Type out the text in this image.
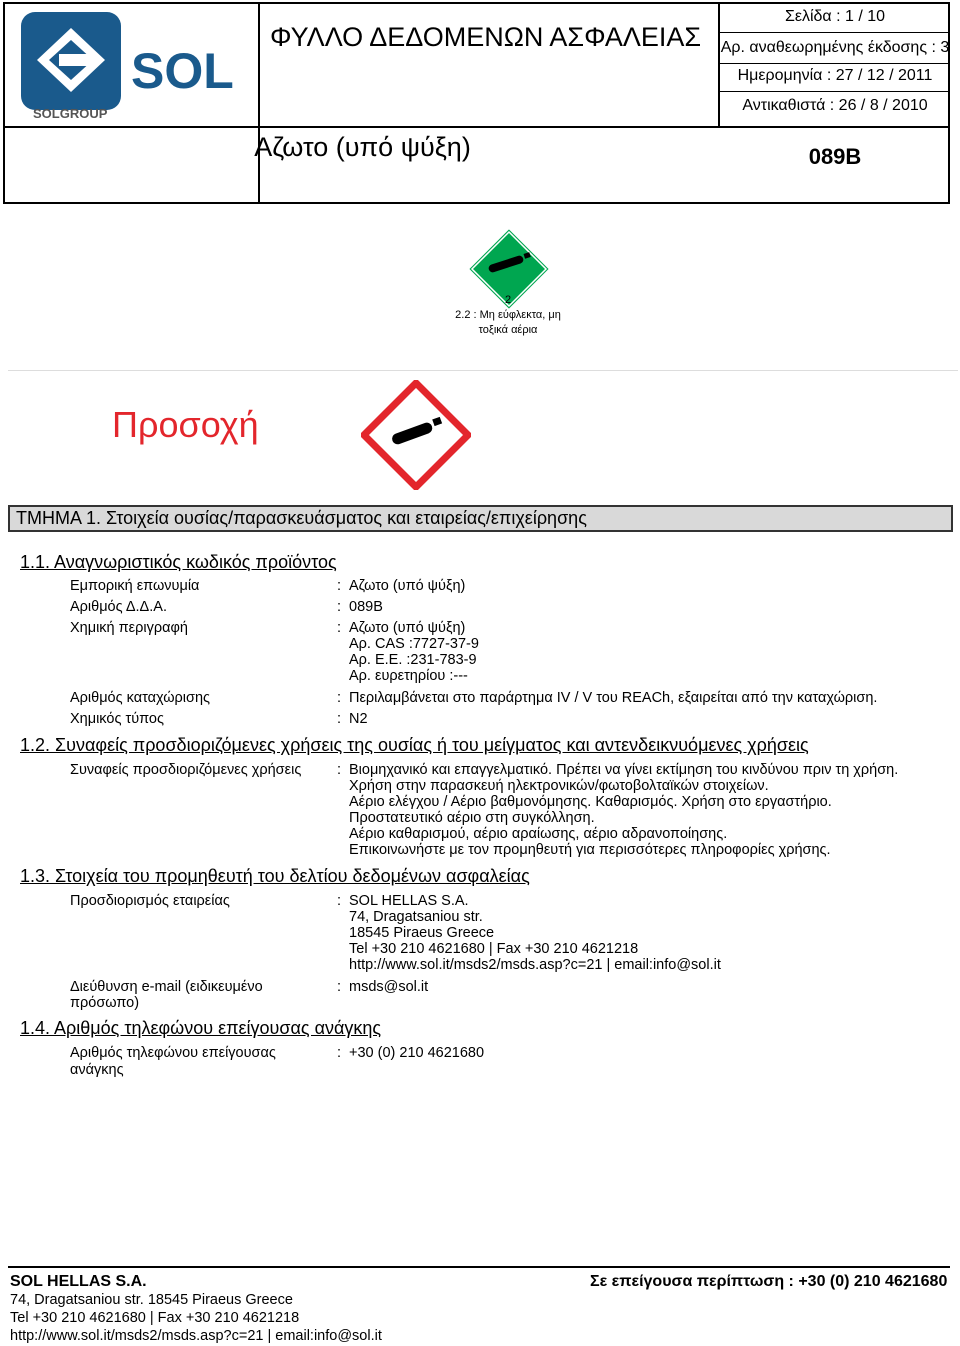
SOL
SOLGROUP
ΦΥΛΛΟ ΔΕΔΟΜΕΝΩΝ ΑΣΦΑΛΕΙΑΣ
Αζωτο (υπό ψύξη)
Σελίδα : 1 / 10
Αρ. αναθεωρημένης έκδοσης : 3
Ημερομηνία : 27 / 12 / 2011
Αντικαθιστά : 26 / 8 / 2010
089B
2
2.2 : Μη εύφλεκτα, μη
τοξικά αέρια
Προσοχή
ΤΜΗΜΑ 1. Στοιχεία ουσίας/παρασκευάσματος και εταιρείας/επιχείρησης
1.1. Αναγνωριστικός κωδικός προϊόντος
Εμπορική επωνυμία	: Αζωτο (υπό ψύξη)
Αριθμός Δ.Δ.Α.	: 089B
Χημική περιγραφή	: Αζωτο (υπό ψύξη)
Αρ. CAS :7727-37-9
Αρ. Ε.Ε. :231-783-9
Αρ. ευρετηρίου :---
Αριθμός καταχώρισης	: Περιλαμβάνεται στο παράρτημα IV / V του REACh, εξαιρείται από την καταχώριση.
Χημικός τύπος	: N2
1.2. Συναφείς προσδιοριζόμενες χρήσεις της ουσίας ή του μείγματος και αντενδεικνυόμενες χρήσεις
Συναφείς προσδιοριζόμενες χρήσεις : Βιομηχανικό και επαγγελματικό. Πρέπει να γίνει εκτίμηση του κινδύνου πριν τη χρήση.
Χρήση στην παρασκευή ηλεκτρονικών/φωτοβολταϊκών στοιχείων.
Αέριο ελέγχου / Αέριο βαθμονόμησης. Καθαρισμός. Χρήση στο εργαστήριο.
Προστατευτικό αέριο στη συγκόλληση.
Αέριο καθαρισμού, αέριο αραίωσης, αέριο αδρανοποίησης.
Επικοινωνήστε με τον προμηθευτή για περισσότερες πληροφορίες χρήσης.
1.3. Στοιχεία του προμηθευτή του δελτίου δεδομένων ασφαλείας
Προσδιορισμός εταιρείας	: SOL HELLAS S.A.
74, Dragatsaniou str.
18545 Piraeus Greece
Tel +30 210 4621680 | Fax +30 210 4621218
http://www.sol.it/msds2/msds.asp?c=21 | email:info@sol.it
Διεύθυνση e-mail (ειδικευμένο
πρόσωπο)
: msds@sol.it
1.4. Αριθμός τηλεφώνου επείγουσας ανάγκης
Αριθμός τηλεφώνου επείγουσας
ανάγκης
: +30 (0) 210 4621680
SOL HELLAS S.A.	Σε επείγουσα περίπτωση : +30 (0) 210 4621680
74, Dragatsaniou str. 18545 Piraeus Greece
Tel +30 210 4621680 | Fax +30 210 4621218
http://www.sol.it/msds2/msds.asp?c=21 | email:info@sol.it
